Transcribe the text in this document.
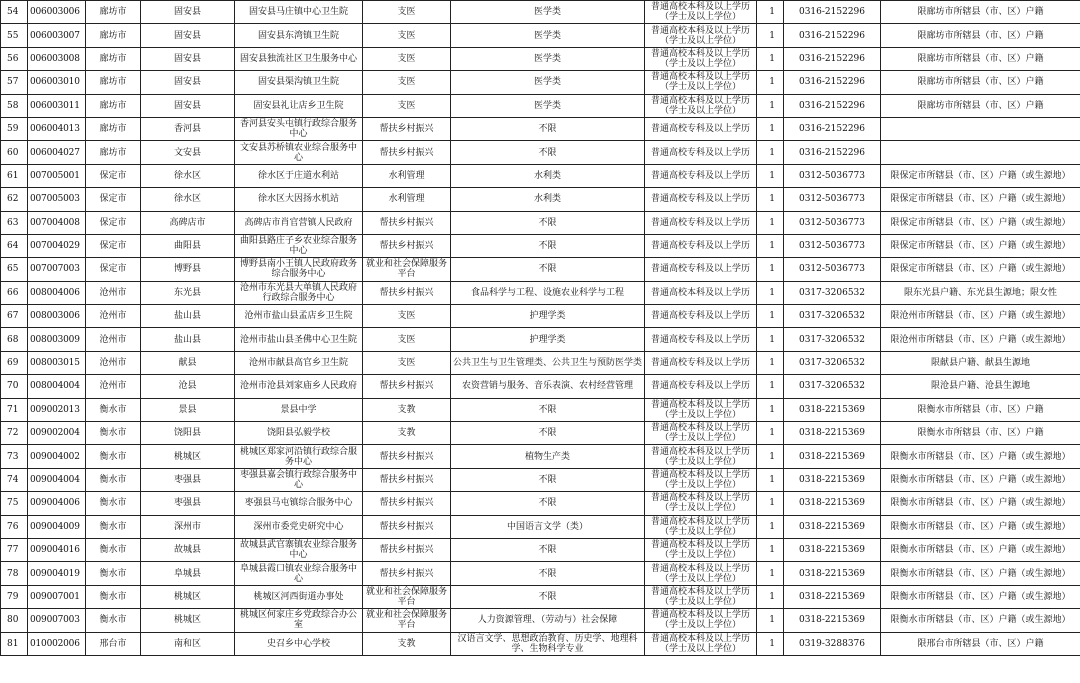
54	006003006	廊坊市	固安县	固安县马庄镇中心卫生院	支医	医学类	普通高校本科及以上学历（学士及以上学位）	1	0316-2152296	限廊坊市所辖县（市、区）户籍

55	006003007	廊坊市	固安县	固安县东湾镇卫生院	支医	医学类	普通高校本科及以上学历（学士及以上学位）	1	0316-2152296	限廊坊市所辖县（市、区）户籍

56	006003008	廊坊市	固安县	固安县独流社区卫生服务中心	支医	医学类	普通高校本科及以上学历（学士及以上学位）	1	0316-2152296	限廊坊市所辖县（市、区）户籍

57	006003010	廊坊市	固安县	固安县渠沟镇卫生院	支医	医学类	普通高校本科及以上学历（学士及以上学位）	1	0316-2152296	限廊坊市所辖县（市、区）户籍

58	006003011	廊坊市	固安县	固安县礼让店乡卫生院	支医	医学类	普通高校本科及以上学历（学士及以上学位）	1	0316-2152296	限廊坊市所辖县（市、区）户籍

59	006004013	廊坊市	香河县	香河县安头屯镇行政综合服务中心	帮扶乡村振兴	不限	普通高校专科及以上学历	1	0316-2152296	

60	006004027	廊坊市	文安县	文安县苏桥镇农业综合服务中心	帮扶乡村振兴	不限	普通高校专科及以上学历	1	0316-2152296	

61	007005001	保定市	徐水区	徐水区于庄道水利站	水利管理	水利类	普通高校专科及以上学历	1	0312-5036773	限保定市所辖县（市、区）户籍（或生源地）

62	007005003	保定市	徐水区	徐水区大因扬水机站	水利管理	水利类	普通高校专科及以上学历	1	0312-5036773	限保定市所辖县（市、区）户籍（或生源地）

63	007004008	保定市	高碑店市	高碑店市肖官营镇人民政府	帮扶乡村振兴	不限	普通高校专科及以上学历	1	0312-5036773	限保定市所辖县（市、区）户籍（或生源地）

64	007004029	保定市	曲阳县	曲阳县路庄子乡农业综合服务中心	帮扶乡村振兴	不限	普通高校专科及以上学历	1	0312-5036773	限保定市所辖县（市、区）户籍（或生源地）

65	007007003	保定市	博野县	博野县南小王镇人民政府政务综合服务中心	就业和社会保障服务平台	不限	普通高校专科及以上学历	1	0312-5036773	限保定市所辖县（市、区）户籍（或生源地）

66	008004006	沧州市	东光县	沧州市东光县大单镇人民政府行政综合服务中心	帮扶乡村振兴	食品科学与工程、设施农业科学与工程	普通高校本科及以上学历	1	0317-3206532	限东光县户籍、东光县生源地；限女性

67	008003006	沧州市	盐山县	沧州市盐山县孟店乡卫生院	支医	护理学类	普通高校专科及以上学历	1	0317-3206532	限沧州市所辖县（市、区）户籍（或生源地）

68	008003009	沧州市	盐山县	沧州市盐山县圣佛中心卫生院	支医	护理学类	普通高校专科及以上学历	1	0317-3206532	限沧州市所辖县（市、区）户籍（或生源地）

69	008003015	沧州市	献县	沧州市献县高官乡卫生院	支医	公共卫生与卫生管理类、公共卫生与预防医学类	普通高校专科及以上学历	1	0317-3206532	限献县户籍、献县生源地

70	008004004	沧州市	沧县	沧州市沧县刘家庙乡人民政府	帮扶乡村振兴	农资营销与服务、音乐表演、农村经营管理	普通高校专科及以上学历	1	0317-3206532	限沧县户籍、沧县生源地

71	009002013	衡水市	景县	景县中学	支教	不限	普通高校本科及以上学历（学士及以上学位）	1	0318-2215369	限衡水市所辖县（市、区）户籍

72	009002004	衡水市	饶阳县	饶阳县弘毅学校	支教	不限	普通高校本科及以上学历（学士及以上学位）	1	0318-2215369	限衡水市所辖县（市、区）户籍

73	009004002	衡水市	桃城区	桃城区郑家河沿镇行政综合服务中心	帮扶乡村振兴	植物生产类	普通高校本科及以上学历（学士及以上学位）	1	0318-2215369	限衡水市所辖县（市、区）户籍（或生源地）

74	009004004	衡水市	枣强县	枣强县嘉会镇行政综合服务中心	帮扶乡村振兴	不限	普通高校本科及以上学历（学士及以上学位）	1	0318-2215369	限衡水市所辖县（市、区）户籍（或生源地）

75	009004006	衡水市	枣强县	枣强县马屯镇综合服务中心	帮扶乡村振兴	不限	普通高校本科及以上学历（学士及以上学位）	1	0318-2215369	限衡水市所辖县（市、区）户籍（或生源地）

76	009004009	衡水市	深州市	深州市委党史研究中心	帮扶乡村振兴	中国语言文学（类）	普通高校本科及以上学历（学士及以上学位）	1	0318-2215369	限衡水市所辖县（市、区）户籍（或生源地）

77	009004016	衡水市	故城县	故城县武官寨镇农业综合服务中心	帮扶乡村振兴	不限	普通高校本科及以上学历（学士及以上学位）	1	0318-2215369	限衡水市所辖县（市、区）户籍（或生源地）

78	009004019	衡水市	阜城县	阜城县霞口镇农业综合服务中心	帮扶乡村振兴	不限	普通高校本科及以上学历（学士及以上学位）	1	0318-2215369	限衡水市所辖县（市、区）户籍（或生源地）

79	009007001	衡水市	桃城区	桃城区河西街道办事处	就业和社会保障服务平台	不限	普通高校本科及以上学历（学士及以上学位）	1	0318-2215369	限衡水市所辖县（市、区）户籍（或生源地）

80	009007003	衡水市	桃城区	桃城区何家庄乡党政综合办公室	就业和社会保障服务平台	人力资源管理、（劳动与）社会保障	普通高校本科及以上学历（学士及以上学位）	1	0318-2215369	限衡水市所辖县（市、区）户籍（或生源地）

81	010002006	邢台市	南和区	史召乡中心学校	支教	汉语言文学、思想政治教育、历史学、地理科学、生物科学专业	普通高校本科及以上学历（学士及以上学位）	1	0319-3288376	限邢台市所辖县（市、区）户籍
